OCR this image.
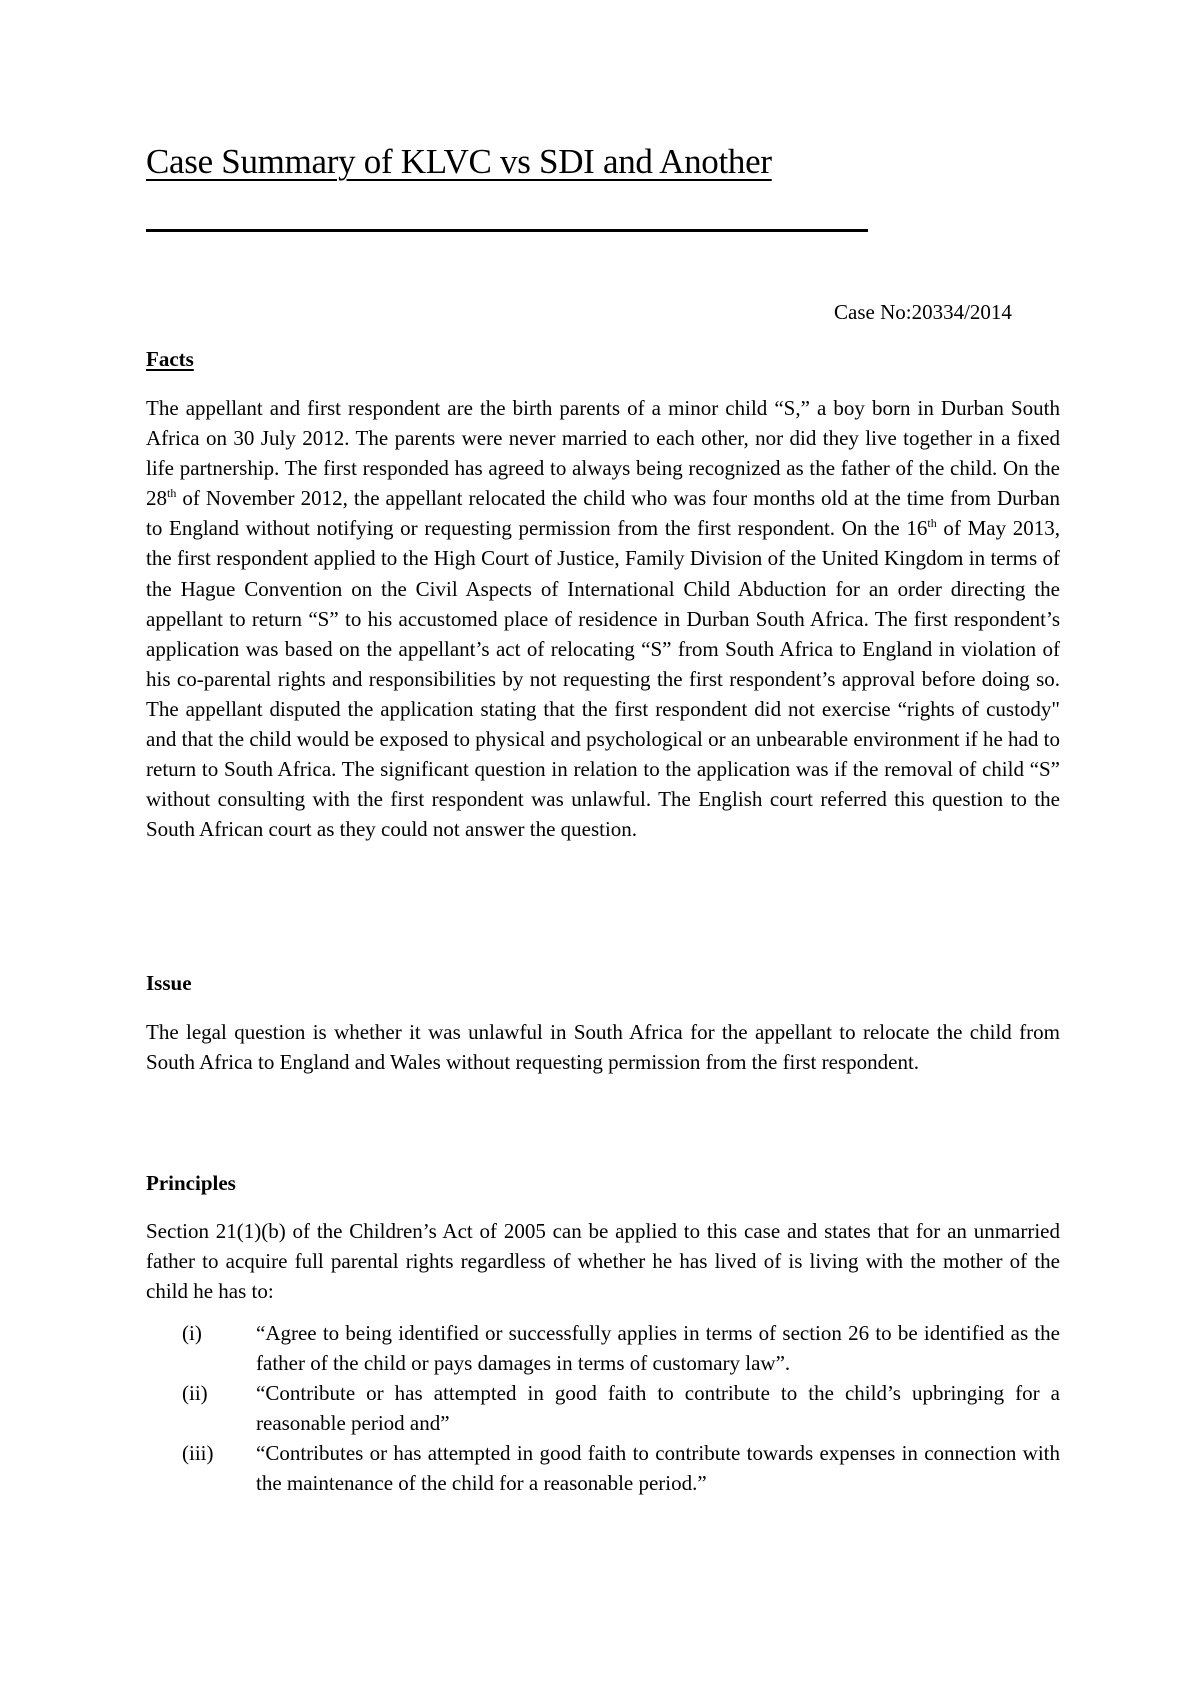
Case Summary of KLVC vs SDI and Another
Case No:20334/2014
Facts
The appellant and first respondent are the birth parents of a minor child “S,” a boy born in Durban South Africa on 30 July 2012. The parents were never married to each other, nor did they live together in a fixed life partnership. The first responded has agreed to always being recognized as the father of the child. On the 28th of November 2012, the appellant relocated the child who was four months old at the time from Durban to England without notifying or requesting permission from the first respondent. On the 16th of May 2013, the first respondent applied to the High Court of Justice, Family Division of the United Kingdom in terms of the Hague Convention on the Civil Aspects of International Child Abduction for an order directing the appellant to return “S” to his accustomed place of residence in Durban South Africa. The first respondent’s application was based on the appellant’s act of relocating “S” from South Africa to England in violation of his co-parental rights and responsibilities by not requesting the first respondent’s approval before doing so. The appellant disputed the application stating that the first respondent did not exercise “rights of custody" and that the child would be exposed to physical and psychological or an unbearable environment if he had to return to South Africa. The significant question in relation to the application was if the removal of child “S” without consulting with the first respondent was unlawful. The English court referred this question to the South African court as they could not answer the question.
Issue
The legal question is whether it was unlawful in South Africa for the appellant to relocate the child from South Africa to England and Wales without requesting permission from the first respondent.
Principles
Section 21(1)(b) of the Children’s Act of 2005 can be applied to this case and states that for an unmarried father to acquire full parental rights regardless of whether he has lived of is living with the mother of the child he has to:
(i)	“Agree to being identified or successfully applies in terms of section 26 to be identified as the father of the child or pays damages in terms of customary law”.
(ii)	“Contribute or has attempted in good faith to contribute to the child’s upbringing for a reasonable period and”
(iii)	“Contributes or has attempted in good faith to contribute towards expenses in connection with the maintenance of the child for a reasonable period.”
